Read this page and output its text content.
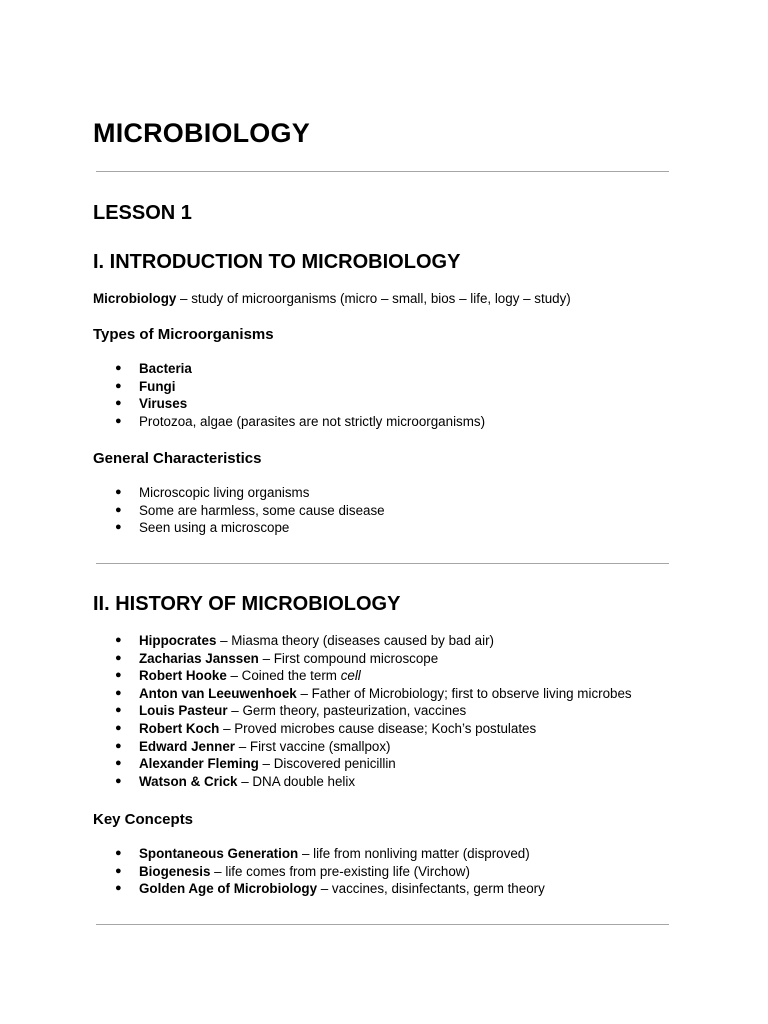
MICROBIOLOGY
LESSON 1
I. INTRODUCTION TO MICROBIOLOGY

Microbiology – study of microorganisms (micro – small, bios – life, logy – study)

Types of Microorganisms
● Bacteria
● Fungi
● Viruses
● Protozoa, algae (parasites are not strictly microorganisms)
General Characteristics
● Microscopic living organisms
● Some are harmless, some cause disease
● Seen using a microscope
II. HISTORY OF MICROBIOLOGY
● Hippocrates – Miasma theory (diseases caused by bad air)
● Zacharias Janssen – First compound microscope
● Robert Hooke – Coined the term cell
● Anton van Leeuwenhoek – Father of Microbiology; first to observe living microbes
● Louis Pasteur – Germ theory, pasteurization, vaccines
● Robert Koch – Proved microbes cause disease; Koch’s postulates
● Edward Jenner – First vaccine (smallpox)
● Alexander Fleming – Discovered penicillin
● Watson & Crick – DNA double helix
Key Concepts
● Spontaneous Generation – life from nonliving matter (disproved)
● Biogenesis – life comes from pre-existing life (Virchow)
● Golden Age of Microbiology – vaccines, disinfectants, germ theory
